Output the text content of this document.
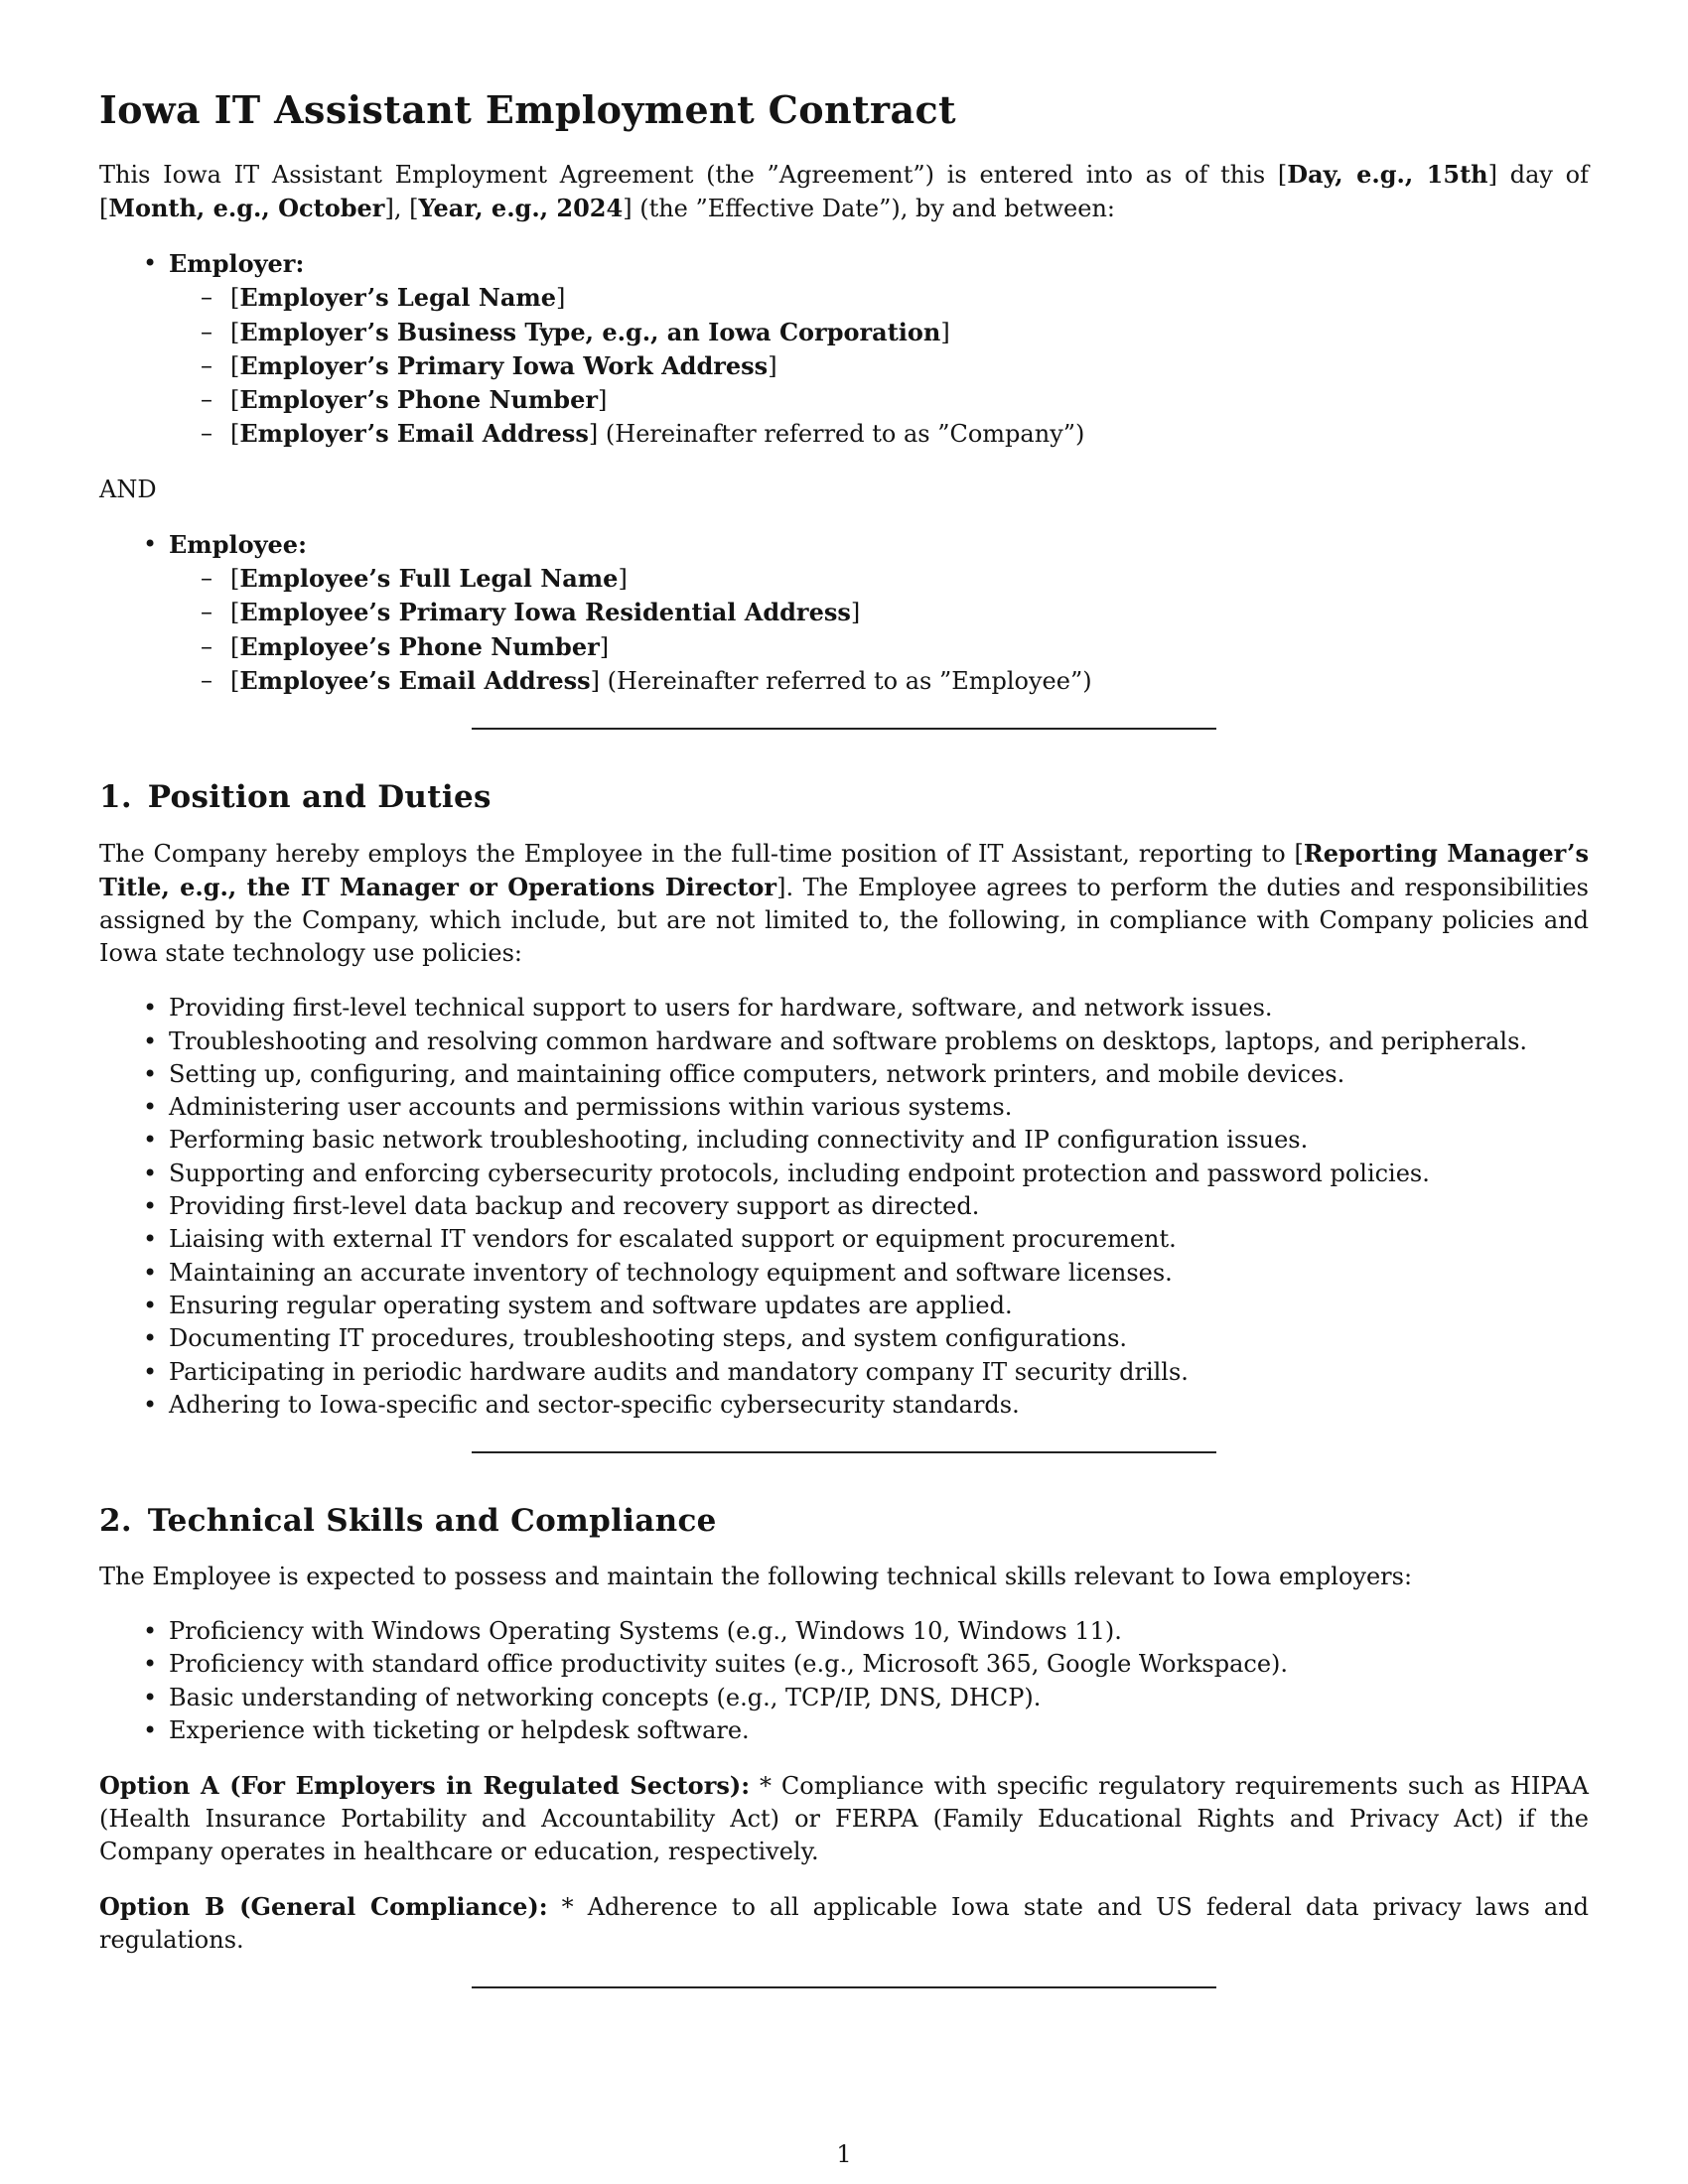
Iowa IT Assistant Employment Contract

This Iowa IT Assistant Employment Agreement (the ”Agreement”) is entered into as of this [Day, e.g., 15th] day of [Month, e.g., October], [Year, e.g., 2024] (the ”Effective Date”), by and between:

• Employer:
– [Employer’s Legal Name]
– [Employer’s Business Type, e.g., an Iowa Corporation]
– [Employer’s Primary Iowa Work Address]
– [Employer’s Phone Number]
– [Employer’s Email Address] (Hereinafter referred to as ”Company”)
AND
• Employee:
– [Employee’s Full Legal Name]
– [Employee’s Primary Iowa Residential Address]
– [Employee’s Phone Number]
– [Employee’s Email Address] (Hereinafter referred to as ”Employee”)
1. Position and Duties

The Company hereby employs the Employee in the full-time position of IT Assistant, reporting to [Reporting Manager’s Title, e.g., the IT Manager or Operations Director]. The Employee agrees to perform the duties and responsibilities assigned by the Company, which include, but are not limited to, the following, in compliance with Company policies and Iowa state technology use policies:

• Providing first-level technical support to users for hardware, software, and network issues.
• Troubleshooting and resolving common hardware and software problems on desktops, laptops, and peripherals.
• Setting up, configuring, and maintaining office computers, network printers, and mobile devices.
• Administering user accounts and permissions within various systems.
• Performing basic network troubleshooting, including connectivity and IP configuration issues.
• Supporting and enforcing cybersecurity protocols, including endpoint protection and password policies.
• Providing first-level data backup and recovery support as directed.
• Liaising with external IT vendors for escalated support or equipment procurement.
• Maintaining an accurate inventory of technology equipment and software licenses.
• Ensuring regular operating system and software updates are applied.
• Documenting IT procedures, troubleshooting steps, and system configurations.
• Participating in periodic hardware audits and mandatory company IT security drills.
• Adhering to Iowa-specific and sector-specific cybersecurity standards.
2. Technical Skills and Compliance

The Employee is expected to possess and maintain the following technical skills relevant to Iowa employers:

• Proficiency with Windows Operating Systems (e.g., Windows 10, Windows 11).
• Proficiency with standard office productivity suites (e.g., Microsoft 365, Google Workspace).
• Basic understanding of networking concepts (e.g., TCP/IP, DNS, DHCP).
• Experience with ticketing or helpdesk software.

Option A (For Employers in Regulated Sectors): * Compliance with specific regulatory requirements such as HIPAA (Health Insurance Portability and Accountability Act) or FERPA (Family Educational Rights and Privacy Act) if the Company operates in healthcare or education, respectively.

Option B (General Compliance): * Adherence to all applicable Iowa state and US federal data privacy laws and regulations.

1
